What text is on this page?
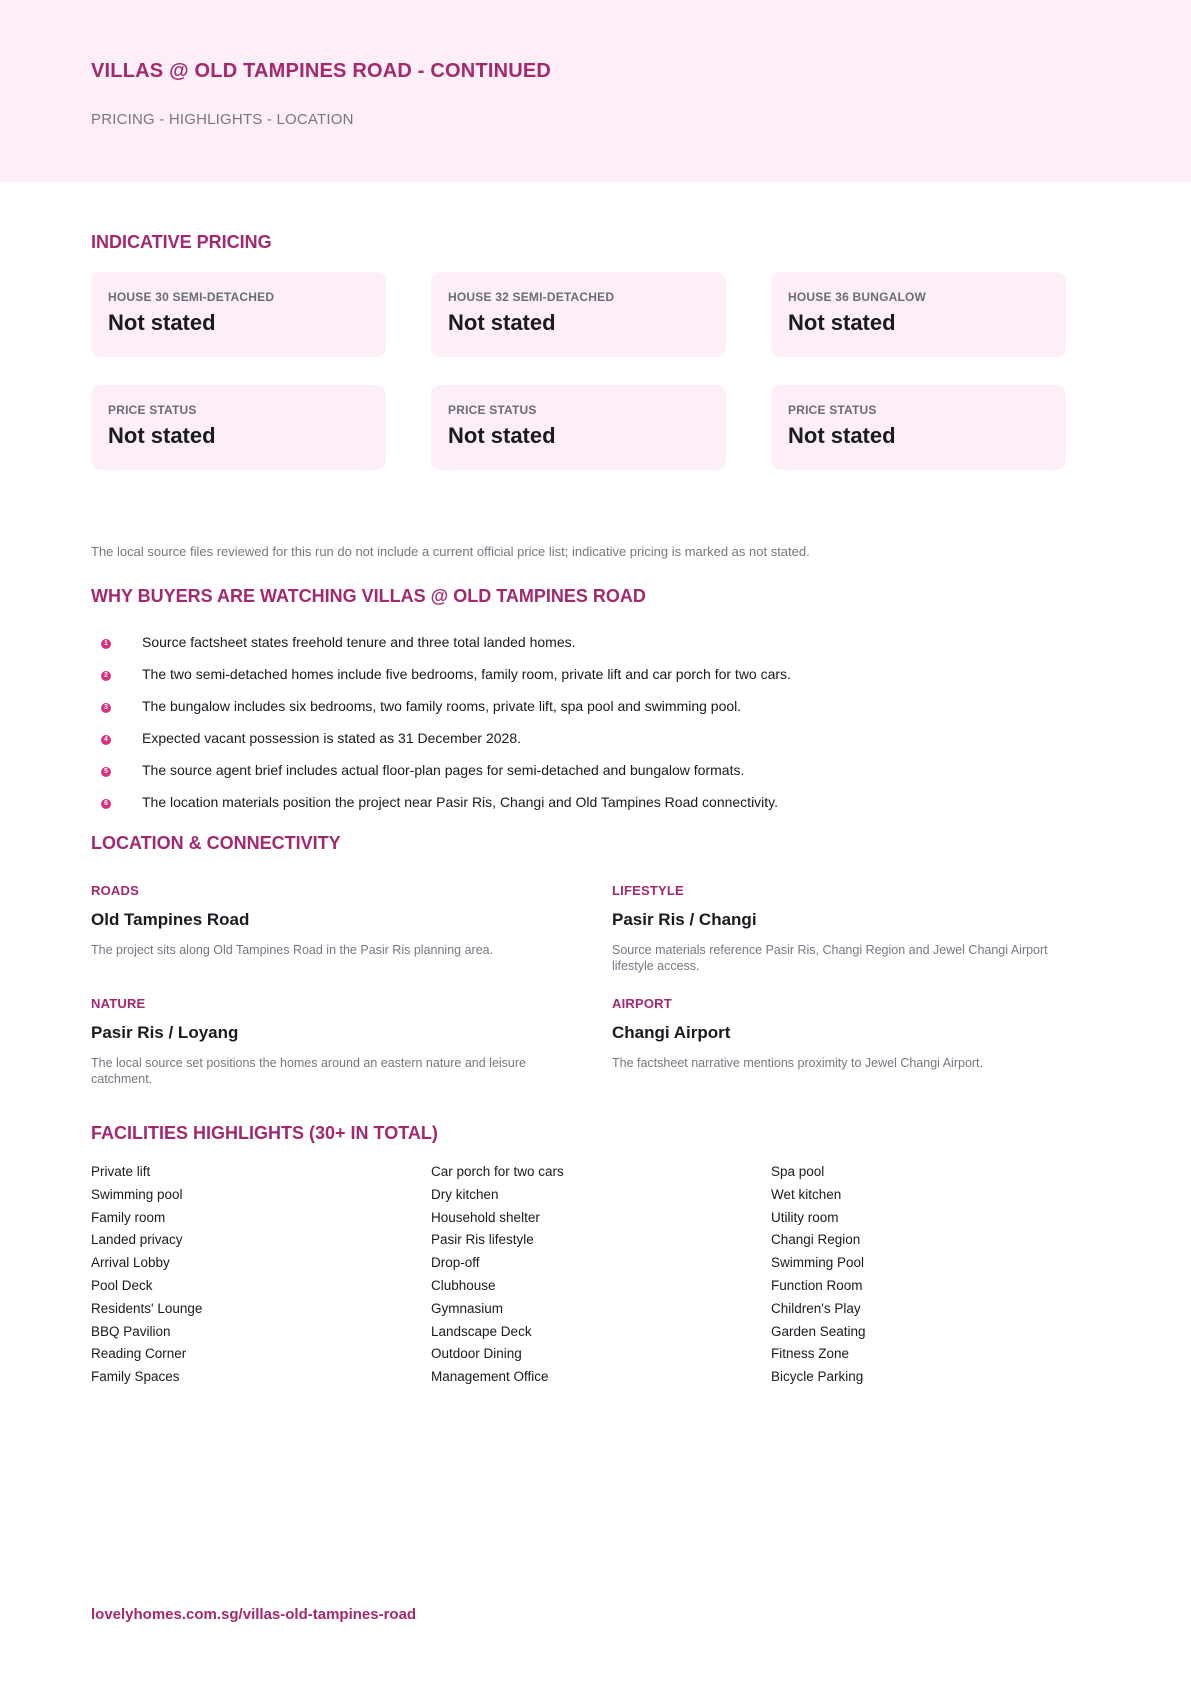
VILLAS @ OLD TAMPINES ROAD - CONTINUED
PRICING - HIGHLIGHTS - LOCATION
INDICATIVE PRICING
HOUSE 30 SEMI-DETACHED
Not stated
HOUSE 32 SEMI-DETACHED
Not stated
HOUSE 36 BUNGALOW
Not stated
PRICE STATUS
Not stated
PRICE STATUS
Not stated
PRICE STATUS
Not stated
The local source files reviewed for this run do not include a current official price list; indicative pricing is marked as not stated.
WHY BUYERS ARE WATCHING VILLAS @ OLD TAMPINES ROAD
1 Source factsheet states freehold tenure and three total landed homes.
2 The two semi-detached homes include five bedrooms, family room, private lift and car porch for two cars.
3 The bungalow includes six bedrooms, two family rooms, private lift, spa pool and swimming pool.
4 Expected vacant possession is stated as 31 December 2028.
5 The source agent brief includes actual floor-plan pages for semi-detached and bungalow formats.
6 The location materials position the project near Pasir Ris, Changi and Old Tampines Road connectivity.
LOCATION & CONNECTIVITY
ROADS
Old Tampines Road
The project sits along Old Tampines Road in the Pasir Ris planning area.
LIFESTYLE
Pasir Ris / Changi
Source materials reference Pasir Ris, Changi Region and Jewel Changi Airport lifestyle access.
NATURE
Pasir Ris / Loyang
The local source set positions the homes around an eastern nature and leisure catchment.
AIRPORT
Changi Airport
The factsheet narrative mentions proximity to Jewel Changi Airport.
FACILITIES HIGHLIGHTS (30+ IN TOTAL)
Private lift
Swimming pool
Family room
Landed privacy
Arrival Lobby
Pool Deck
Residents' Lounge
BBQ Pavilion
Reading Corner
Family Spaces
Car porch for two cars
Dry kitchen
Household shelter
Pasir Ris lifestyle
Drop-off
Clubhouse
Gymnasium
Landscape Deck
Outdoor Dining
Management Office
Spa pool
Wet kitchen
Utility room
Changi Region
Swimming Pool
Function Room
Children's Play
Garden Seating
Fitness Zone
Bicycle Parking
lovelyhomes.com.sg/villas-old-tampines-road
